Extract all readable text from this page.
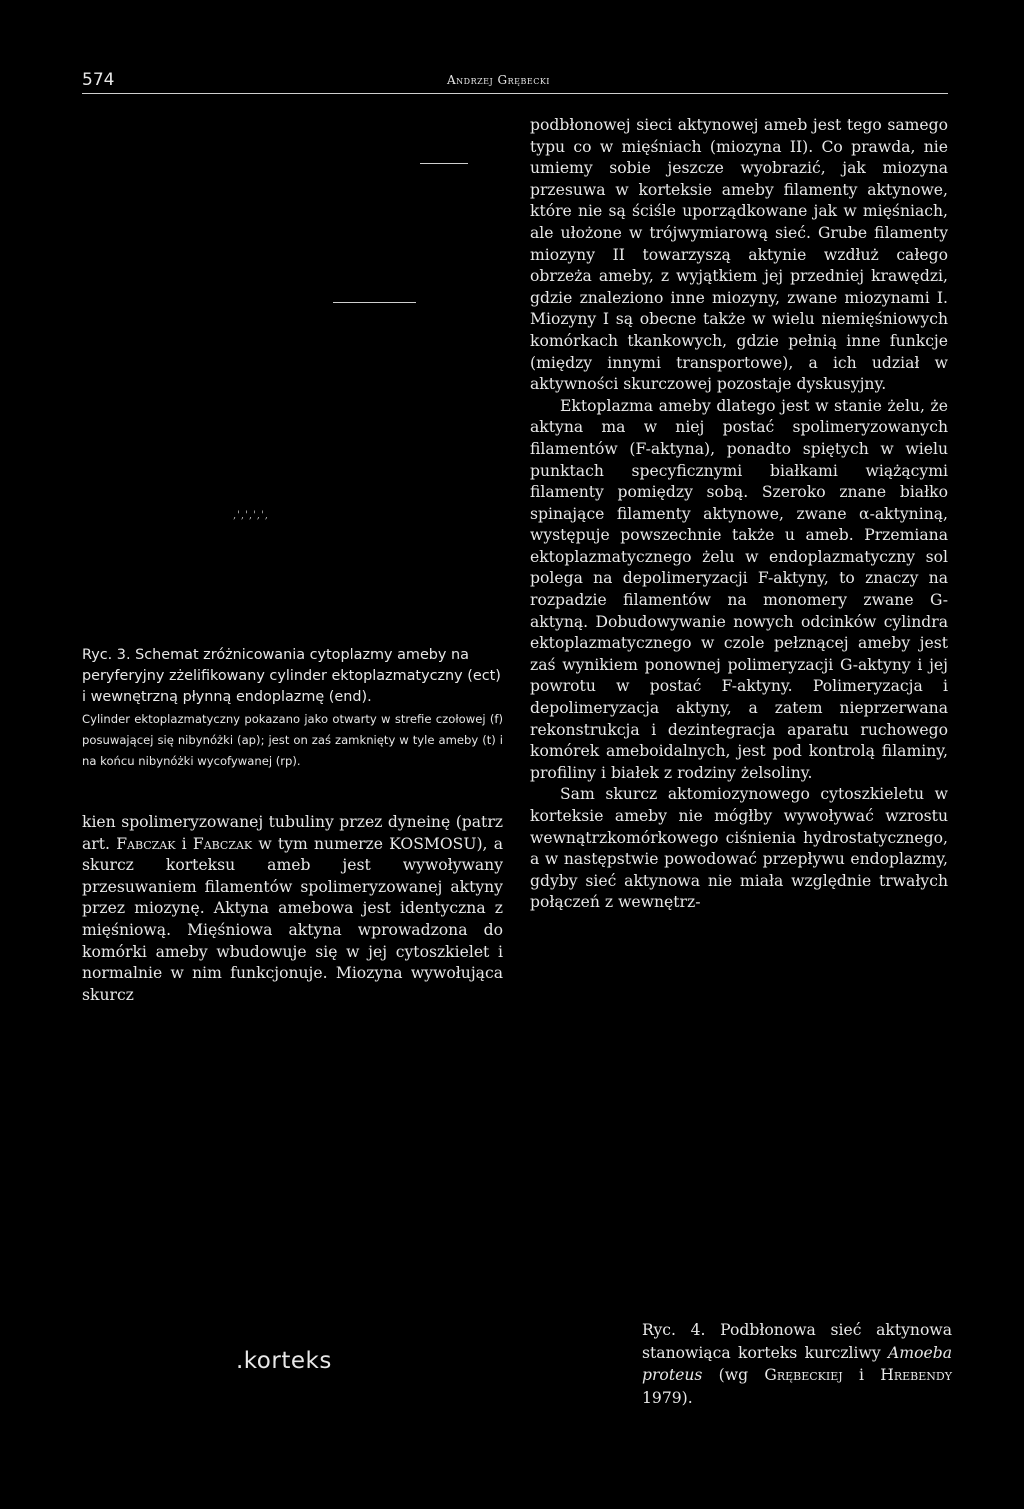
574	Andrzej Grębecki
,',',',',

Ryc. 3. Schemat zróżnicowania cytoplazmy ameby na peryferyjny zżelifikowany cylinder ektoplazmatyczny (ect) i wewnętrzną płynną endoplazmę (end).

Cylinder ektoplazmatyczny pokazano jako otwarty w strefie czołowej (f) posuwającej się nibynóżki (ap); jest on zaś zamknięty w tyle ameby (t) i na końcu nibynóżki wycofywanej (rp).

kien spolimeryzowanej tubuliny przez dyneinę (patrz art. Fabczak i Fabczak w tym numerze KOSMOSU), a skurcz korteksu ameb jest wywoływany przesuwaniem filamentów spolimeryzowanej aktyny przez miozynę. Aktyna amebowa jest identyczna z mięśniową. Mięśniowa aktyna wprowadzona do komórki ameby wbudowuje się w jej cytoszkielet i normalnie w nim funkcjonuje. Miozyna wywołująca skurcz

podbłonowej sieci aktynowej ameb jest tego samego typu co w mięśniach (miozyna II). Co prawda, nie umiemy sobie jeszcze wyobrazić, jak miozyna przesuwa w korteksie ameby filamenty aktynowe, które nie są ściśle uporządkowane jak w mięśniach, ale ułożone w trójwymiarową sieć. Grube filamenty miozyny II towarzyszą aktynie wzdłuż całego obrzeża ameby, z wyjątkiem jej przedniej krawędzi, gdzie znaleziono inne miozyny, zwane miozynami I. Miozyny I są obecne także w wielu niemięśniowych komórkach tkankowych, gdzie pełnią inne funkcje (między innymi transportowe), a ich udział w aktywności skurczowej pozostaje dyskusyjny.

Ektoplazma ameby dlatego jest w stanie żelu, że aktyna ma w niej postać spolimeryzowanych filamentów (F-aktyna), ponadto spiętych w wielu punktach specyficznymi białkami wiążącymi filamenty pomiędzy sobą. Szeroko znane białko spinające filamenty aktynowe, zwane α-aktyniną, występuje powszechnie także u ameb. Przemiana ektoplazmatycznego żelu w endoplazmatyczny sol polega na depolimeryzacji F-aktyny, to znaczy na rozpadzie filamentów na monomery zwane G-aktyną. Dobudowywanie nowych odcinków cylindra ektoplazmatycznego w czole pełznącej ameby jest zaś wynikiem ponownej polimeryzacji G-aktyny i jej powrotu w postać F-aktyny. Polimeryzacja i depolimeryzacja aktyny, a zatem nieprzerwana rekonstrukcja i dezintegracja aparatu ruchowego komórek ameboidalnych, jest pod kontrolą filaminy, profiliny i białek z rodziny żelsoliny.

Sam skurcz aktomiozynowego cytoszkieletu w korteksie ameby nie mógłby wywoływać wzrostu wewnątrzkomórkowego ciśnienia hydrostatycznego, a w następstwie powodować przepływu endoplazmy, gdyby sieć aktynowa nie miała względnie trwałych połączeń z wewnętrz-

.korteks

Ryc. 4. Podbłonowa sieć aktynowa stanowiąca korteks kurczliwy Amoeba proteus (wg Grębeckiej i Hrebendy 1979).
